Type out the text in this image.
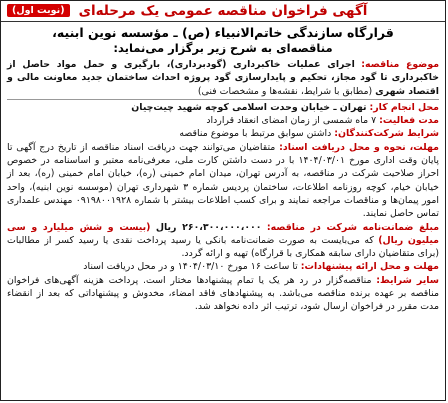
آگهی فراخوان مناقصه عمومی یک مرحله‌ای
(نوبت اول)
قرارگاه سازندگی خاتم‌الانبیاء (ص) ـ مؤسسه نوین ابنیه،
مناقصه‌ای به شرح زیر برگزار می‌نماید:

موضوع مناقصه: اجرای عملیات خاکبرداری (گودبرداری)، بارگیری و حمل مواد حاصل از خاکبرداری تا گود مجاز، تحکیم و پایدارسازی گود پروژه احداث ساختمان جدید معاونت مالی و اقتصاد شهری (مطابق با شرایط، نقشه‌ها و مشخصات فنی)

محل انجام کار: تهران ـ خیابان وحدت اسلامی کوچه شهید چیت‌چیان

مدت فعالیت: ۷ ماه شمسی از زمان امضای انعقاد قرارداد

شرایط شرکت‌کنندگان: داشتن سوابق مرتبط با موضوع مناقصه

مهلت، نحوه و محل دریافت اسناد: متقاضیان می‌توانند جهت دریافت اسناد مناقصه از تاریخ درج آگهی تا پایان وقت اداری مورخ ۱۴۰۴/۰۳/۰۱ با در دست داشتن کارت ملی، معرفی‌نامه معتبر و اساسنامه در خصوص احراز صلاحیت شرکت در مناقصه، به آدرس تهران، میدان امام خمینی (ره)، خیابان امام خمینی (ره)، بعد از خیابان خیام، کوچه روزنامه اطلاعات، ساختمان پردیس شماره ۳ شهرداری تهران (موسسه نوین ابنیه)، واحد امور پیمان‌ها و مناقصات مراجعه نمایند و برای کسب اطلاعات بیشتر با شماره ۰۹۱۹۸۰۰۱۹۲۸ مهندس علمداری تماس حاصل نمایند.

مبلغ ضمانت‌نامه شرکت در مناقصه: ۲۶۰،۳۰۰،۰۰۰،۰۰۰ ریال (بیست و شش میلیارد و سی میلیون ریال) که می‌بایست به صورت ضمانت‌نامه بانکی یا رسید پرداخت نقدی یا رسید کسر از مطالبات (برای متقاضیان دارای سابقه همکاری با قرارگاه) تهیه و ارائه گردد.

مهلت و محل ارائه پیشنهادات: تا ساعت ۱۶ مورخ ۱۴۰۴/۰۳/۱۰ و در محل دریافت اسناد

سایر شرایط: مناقصه‌گزار در رد هر یک یا تمام پیشنهادها مختار است. پرداخت هزینه آگهی‌های فراخوان مناقصه بر عهده برنده مناقصه می‌باشد. به پیشنهادهای فاقد امضاء، مخدوش و پیشنهاداتی که بعد از انقضاء مدت مقرر در فراخوان ارسال شود، ترتیب اثر داده نخواهد شد.
